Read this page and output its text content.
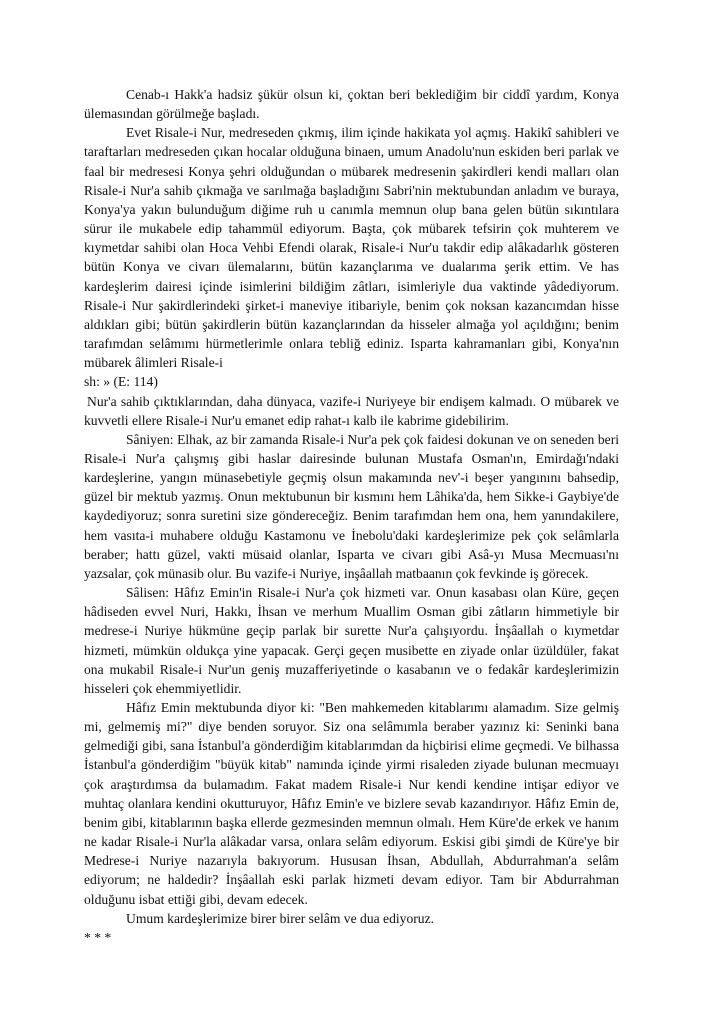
Cenab-ı Hakk'a hadsiz şükür olsun ki, çoktan beri beklediğim bir ciddî yardım, Konya ülemasından görülmeğe başladı.

Evet Risale-i Nur, medreseden çıkmış, ilim içinde hakikata yol açmış. Hakikî sahibleri ve taraftarları medreseden çıkan hocalar olduğuna binaen, umum Anadolu'nun eskiden beri parlak ve faal bir medresesi Konya şehri olduğundan o mübarek medresenin şakirdleri kendi malları olan Risale-i Nur'a sahib çıkmağa ve sarılmağa başladığını Sabri'nin mektubundan anladım ve buraya, Konya'ya yakın bulunduğum diğime ruh u canımla memnun olup bana gelen bütün sıkıntılara sürur ile mukabele edip tahammül ediyorum. Başta, çok mübarek tefsirin çok muhterem ve kıymetdar sahibi olan Hoca Vehbi Efendi olarak, Risale-i Nur'u takdir edip alâkadarlık gösteren bütün Konya ve civarı ülemalarını, bütün kazançlarıma ve dualarıma şerik ettim. Ve has kardeşlerim dairesi içinde isimlerini bildiğim zâtları, isimleriyle dua vaktinde yâdediyorum. Risale-i Nur şakirdlerindeki şirket-i maneviye itibariyle, benim çok noksan kazancımdan hisse aldıkları gibi; bütün şakirdlerin bütün kazançlarından da hisseler almağa yol açıldığını; benim tarafımdan selâmımı hürmetlerimle onlara tebliğ ediniz. Isparta kahramanları gibi, Konya'nın mübarek âlimleri Risale-i

sh: » (E: 114)

Nur'a sahib çıktıklarından, daha dünyaca, vazife-i Nuriyeye bir endişem kalmadı. O mübarek ve kuvvetli ellere Risale-i Nur'u emanet edip rahat-ı kalb ile kabrime gidebilirim.

Sâniyen: Elhak, az bir zamanda Risale-i Nur'a pek çok faidesi dokunan ve on seneden beri Risale-i Nur'a çalışmış gibi haslar dairesinde bulunan Mustafa Osman'ın, Emirdağı'ndaki kardeşlerine, yangın münasebetiyle geçmiş olsun makamında nev'-i beşer yangınını bahsedip, güzel bir mektub yazmış. Onun mektubunun bir kısmını hem Lâhika'da, hem Sikke-i Gaybiye'de kaydediyoruz; sonra suretini size göndereceğiz. Benim tarafımdan hem ona, hem yanındakilere, hem vasıta-i muhabere olduğu Kastamonu ve İnebolu'daki kardeşlerimize pek çok selâmlarla beraber; hattı güzel, vakti müsaid olanlar, Isparta ve civarı gibi Asâ-yı Musa Mecmuası'nı yazsalar, çok münasib olur. Bu vazife-i Nuriye, inşâallah matbaanın çok fevkinde iş görecek.

Sâlisen: Hâfız Emin'in Risale-i Nur'a çok hizmeti var. Onun kasabası olan Küre, geçen hâdiseden evvel Nuri, Hakkı, İhsan ve merhum Muallim Osman gibi zâtların himmetiyle bir medrese-i Nuriye hükmüne geçip parlak bir surette Nur'a çalışıyordu. İnşâallah o kıymetdar hizmeti, mümkün oldukça yine yapacak. Gerçi geçen musibette en ziyade onlar üzüldüler, fakat ona mukabil Risale-i Nur'un geniş muzafferiyetinde o kasabanın ve o fedakâr kardeşlerimizin hisseleri çok ehemmiyetlidir.

Hâfız Emin mektubunda diyor ki: "Ben mahkemeden kitablarımı alamadım. Size gelmiş mi, gelmemiş mi?" diye benden soruyor. Siz ona selâmımla beraber yazınız ki: Seninki bana gelmediği gibi, sana İstanbul'a gönderdiğim kitablarımdan da hiçbirisi elime geçmedi. Ve bilhassa İstanbul'a gönderdiğim "büyük kitab" namında içinde yirmi risaleden ziyade bulunan mecmuayı çok araştırdımsa da bulamadım. Fakat madem Risale-i Nur kendi kendine intişar ediyor ve muhtaç olanlara kendini okutturuyor, Hâfız Emin'e ve bizlere sevab kazandırıyor. Hâfız Emin de, benim gibi, kitablarının başka ellerde gezmesinden memnun olmalı. Hem Küre'de erkek ve hanım ne kadar Risale-i Nur'la alâkadar varsa, onlara selâm ediyorum. Eskisi gibi şimdi de Küre'ye bir Medrese-i Nuriye nazarıyla bakıyorum. Hususan İhsan, Abdullah, Abdurrahman'a selâm ediyorum; ne haldedir? İnşâallah eski parlak hizmeti devam ediyor. Tam bir Abdurrahman olduğunu isbat ettiği gibi, devam edecek.

Umum kardeşlerimize birer birer selâm ve dua ediyoruz.

* * *
